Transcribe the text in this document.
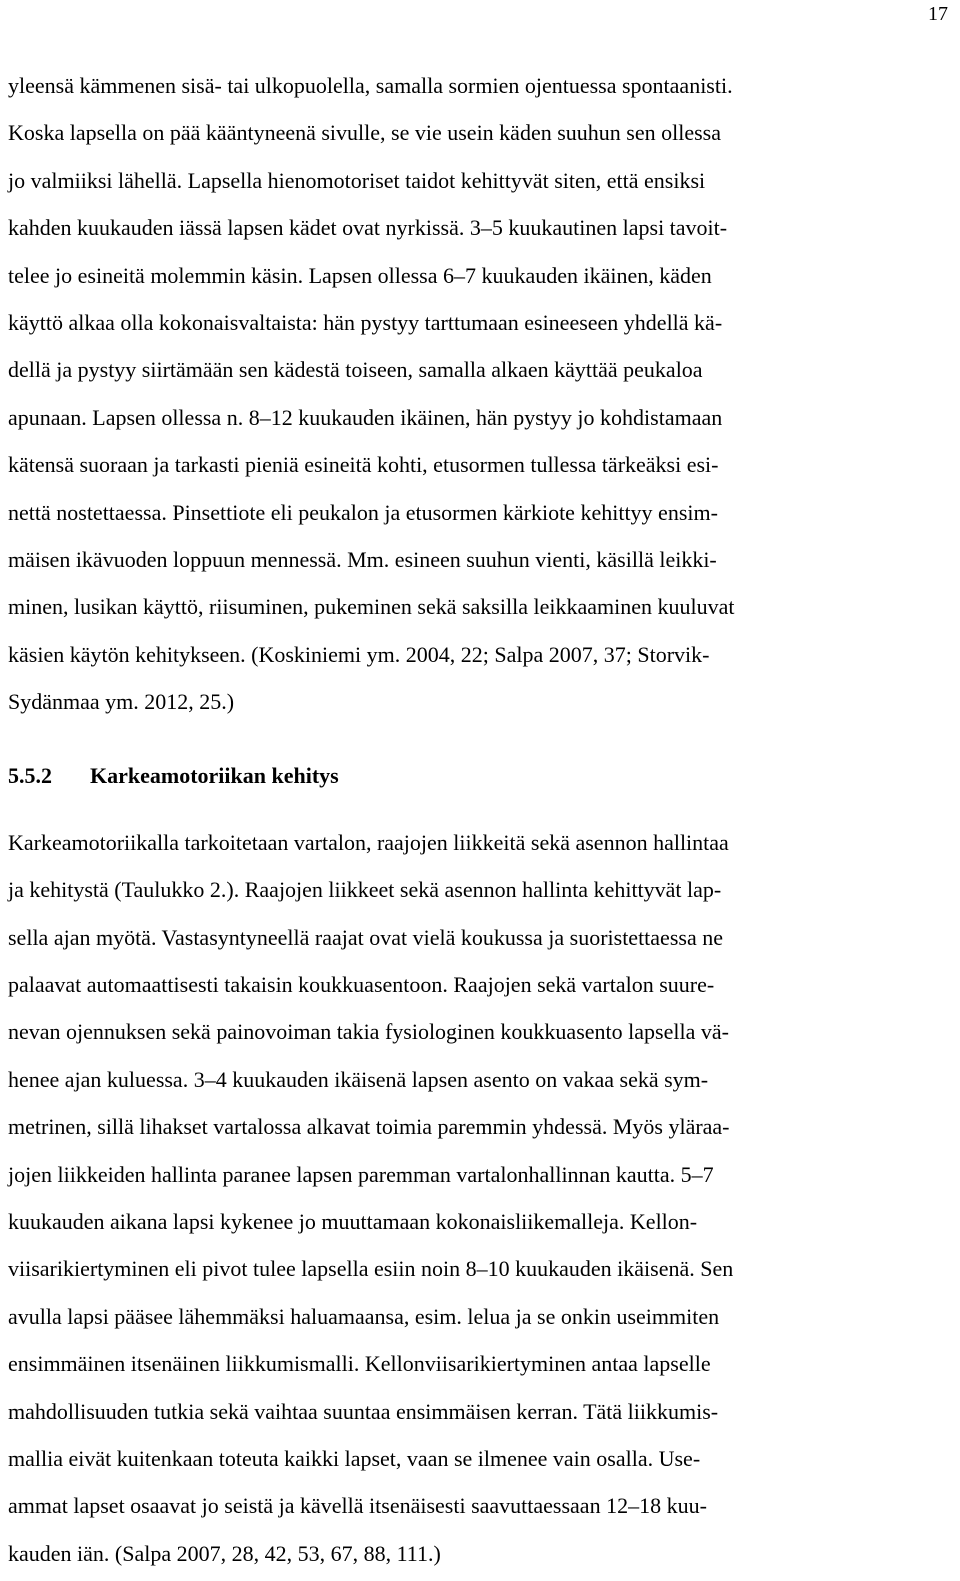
17

yleensä kämmenen sisä- tai ulkopuolella, samalla sormien ojentuessa spontaanisti.
Koska lapsella on pää kääntyneenä sivulle, se vie usein käden suuhun sen ollessa
jo valmiiksi lähellä. Lapsella hienomotoriset taidot kehittyvät siten, että ensiksi
kahden kuukauden iässä lapsen kädet ovat nyrkissä. 3–5 kuukautinen lapsi tavoit-
telee jo esineitä molemmin käsin. Lapsen ollessa 6–7 kuukauden ikäinen, käden
käyttö alkaa olla kokonaisvaltaista: hän pystyy tarttumaan esineeseen yhdellä kä-
dellä ja pystyy siirtämään sen kädestä toiseen, samalla alkaen käyttää peukaloa
apunaan. Lapsen ollessa n. 8–12 kuukauden ikäinen, hän pystyy jo kohdistamaan
kätensä suoraan ja tarkasti pieniä esineitä kohti, etusormen tullessa tärkeäksi esi-
nettä nostettaessa. Pinsettiote eli peukalon ja etusormen kärkiote kehittyy ensim-
mäisen ikävuoden loppuun mennessä. Mm. esineen suuhun vienti, käsillä leikki-
minen, lusikan käyttö, riisuminen, pukeminen sekä saksilla leikkaaminen kuuluvat
käsien käytön kehitykseen. (Koskiniemi ym. 2004, 22; Salpa 2007, 37; Storvik-
Sydänmaa ym. 2012, 25.)

5.5.2	Karkeamotoriikan kehitys

Karkeamotoriikalla tarkoitetaan vartalon, raajojen liikkeitä sekä asennon hallintaa
ja kehitystä (Taulukko 2.). Raajojen liikkeet sekä asennon hallinta kehittyvät lap-
sella ajan myötä. Vastasyntyneellä raajat ovat vielä koukussa ja suoristettaessa ne
palaavat automaattisesti takaisin koukkuasentoon. Raajojen sekä vartalon suure-
nevan ojennuksen sekä painovoiman takia fysiologinen koukkuasento lapsella vä-
henee ajan kuluessa. 3–4 kuukauden ikäisenä lapsen asento on vakaa sekä sym-
metrinen, sillä lihakset vartalossa alkavat toimia paremmin yhdessä. Myös yläraa-
jojen liikkeiden hallinta paranee lapsen paremman vartalonhallinnan kautta. 5–7
kuukauden aikana lapsi kykenee jo muuttamaan kokonaisliikemalleja. Kellon-
viisarikiertyminen eli pivot tulee lapsella esiin noin 8–10 kuukauden ikäisenä. Sen
avulla lapsi pääsee lähemmäksi haluamaansa, esim. lelua ja se onkin useimmiten
ensimmäinen itsenäinen liikkumismalli. Kellonviisarikiertyminen antaa lapselle
mahdollisuuden tutkia sekä vaihtaa suuntaa ensimmäisen kerran. Tätä liikkumis-
mallia eivät kuitenkaan toteuta kaikki lapset, vaan se ilmenee vain osalla. Use-
ammat lapset osaavat jo seistä ja kävellä itsenäisesti saavuttaessaan 12–18 kuu-
kauden iän. (Salpa 2007, 28, 42, 53, 67, 88, 111.)
